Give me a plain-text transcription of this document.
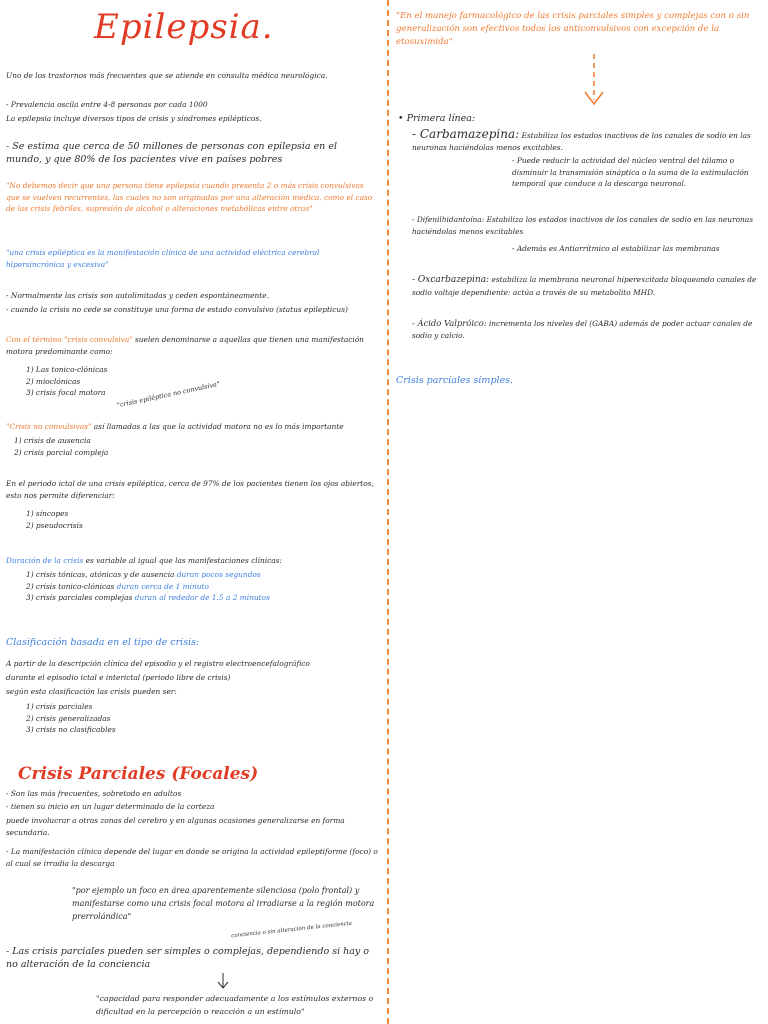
Epilepsia.
Uno de los trastornos más frecuentes que se atiende en consulta médica neurológica.
- Prevalencia oscila entre 4-8 personas por cada 1000
La epilepsia incluye diversos tipos de crisis y síndromes epilépticos.
- Se estima que cerca de 50 millones de personas con epilepsia en el mundo, y que 80% de los pacientes vive en países pobres
"No debemos decir que una persona tiene epilepsia cuando presenta 2 o más crisis convulsivas que se vuelven recurrentes, las cuales no son originadas por una alteración médica, como el caso de las crisis febriles, supresión de alcohol o alteraciones metabólicas entre otras"
"una crisis epiléptica es la manifestación clínica de una actividad eléctrica cerebral hipersincrónica y excesiva"
- Normalmente las crisis son autolimitadas y ceden espontáneamente.
- cuando la crisis no cede se constituye una forma de estado convulsivo (status epilepticus)
Con el término "crisis convulsiva" suelen denominarse a aquellas que tienen una manifestación motora predominante como:
1) Las tonico-clónicas
2) mioclónicas
3) crisis focal motora	"crisis epiléptica no convulsiva"
"Crisis no convulsivas" así llamadas a las que la actividad motora no es lo más importante
1) crisis de ausencia
2) crisis parcial compleja
En el periodo ictal de una crisis epiléptica, cerca de 97% de los pacientes tienen los ojos abiertos, esto nos permite diferenciar:
1) síncopes
2) pseudocrisis
Duración de la crisis es variable al igual que las manifestaciones clínicas:
1) crisis tónicas, atónicas y de ausencia duran pocos segundos
2) crisis tonico-clónicas duran cerca de 1 minuto
3) crisis parciales complejas duran al rededor de 1.5 a 2 minutos
Clasificación basada en el tipo de crisis:
A partir de la descripción clínica del episodio y el registro electroencefalográfico
durante el episodio ictal e interictal (periodo libre de crisis)
según esta clasificación las crisis pueden ser:
1) crisis parciales
2) crisis generalizadas
3) crisis no clasificables
Crisis Parciales (Focales)
- Son las más frecuentes, sobretodo en adultos
- tienen su inicio en un lugar determinado de la corteza
puede involucrar a otras zonas del cerebro y en algunas ocasiones generalizarse en forma secundaria.
- La manifestación clínica depende del lugar en donde se origina la actividad epileptiforme (foco) o al cual se irradia la descarga
"por ejemplo un foco en área aparentemente silenciosa (polo frontal) y manifestarse como una crisis focal motora al irradiarse a la región motora prerrolándica"
conciencia o sin alteración de la conciencia
- Las crisis parciales pueden ser simples o complejas, dependiendo si hay o no alteración de la conciencia
"capacidad para responder adecuadamente a los estímulos externos o dificultad en la percepción o reacción a un estímulo"
"En el manejo farmacológico de las crisis parciales simples y complejas con o sin generalización son efectivos todos los anticonvulsivos con excepción de la etosuximida"
• Primera línea:
- Carbamazepina: Estabiliza los estados inactivos de los canales de sodio en las neuronas haciéndolas menos excitables.
- Puede reducir la actividad del núcleo ventral del tálamo o disminuir la transmisión sináptica o la suma de la estimulación temporal que conduce a la descarga neuronal.
- Difenilhidantoína: Estabiliza los estados inactivos de los canales de sodio en las neuronas haciéndolas menos excitables
- Además es Antiarrítmico al estabilizar las membranas
- Oxcarbazepina: estabiliza la membrana neuronal hiperexcitada bloqueando canales de sodio voltaje dependiente: actúa a través de su metabolito MHD.
- Ácido Valpróico: incrementa los niveles del (GABA) además de poder actuar canales de sodio y calcio.
Crisis parciales simples.
